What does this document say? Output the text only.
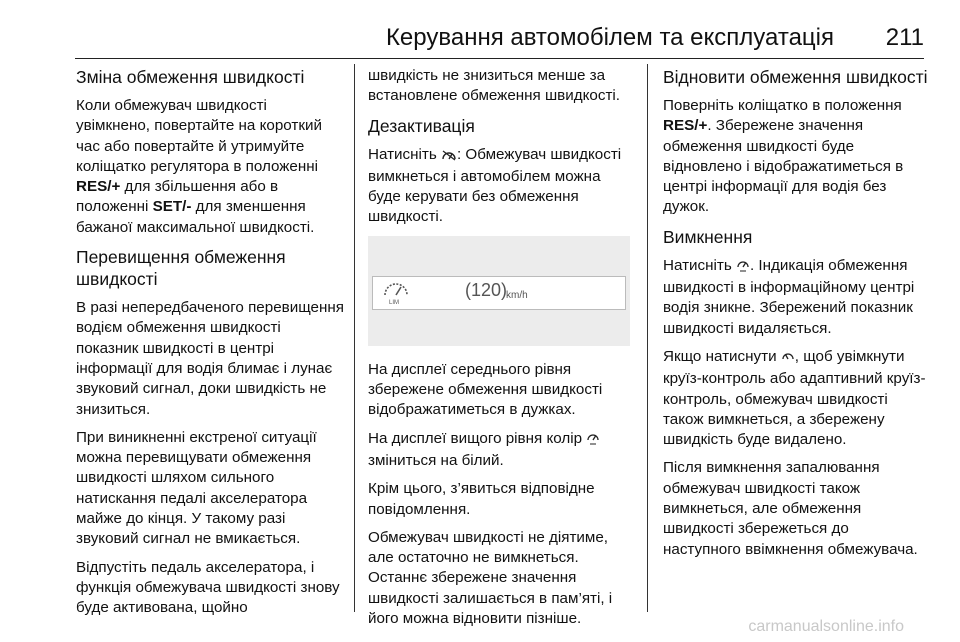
Керування автомобілем та експлуатація 211
Зміна обмеження швидкості

Коли обмежувач швидкості увімкнено, повертайте на короткий час або повертайте й утримуйте коліщатко регулятора в положенні RES/+ для збільшення або в положенні SET/- для зменшення бажаної максимальної швидкості.

Перевищення обмеження швидкості

В разі непередбаченого перевищення водієм обмеження швидкості показник швидкості в центрі інформації для водія блимає і лунає звуковий сигнал, доки швидкість не знизиться.

При виникненні екстреної ситуації можна перевищувати обмеження швидкості шляхом сильного натискання педалі акселератора майже до кінця. У такому разі звуковий сигнал не вмикається.

Відпустіть педаль акселератора, і функція обмежувача швидкості знову буде активована, щойно

швидкість не знизиться менше за встановлене обмеження швидкості.

Дезактивація

Натисніть : Обмежувач швидкості вимкнеться і автомобілем можна буде керувати без обмеження швидкості.

LIM
(120)
km/h

На дисплеї середнього рівня збережене обмеження швидкості відображатиметься в дужках.

На дисплеї вищого рівня колір  зміниться на білий.

Крім цього, з’явиться відповідне повідомлення.

Обмежувач швидкості не діятиме, але остаточно не вимкнеться. Останнє збережене значення швидкості залишається в пам’яті, і його можна відновити пізніше.

Відновити обмеження швидкості

Поверніть коліщатко в положення RES/+. Збережене значення обмеження швидкості буде відновлено і відображатиметься в центрі інформації для водія без дужок.

Вимкнення

Натисніть . Індикація обмеження швидкості в інформаційному центрі водія зникне. Збережений показник швидкості видаляється.

Якщо натиснути , щоб увімкнути круїз-контроль або адаптивний круїз-контроль, обмежувач швидкості також вимкнеться, а збережену швидкість буде видалено.

Після вимкнення запалювання обмежувач швидкості також вимкнеться, але обмеження швидкості збережеться до наступного ввімкнення обмежувача.

carmanualsonline.info
